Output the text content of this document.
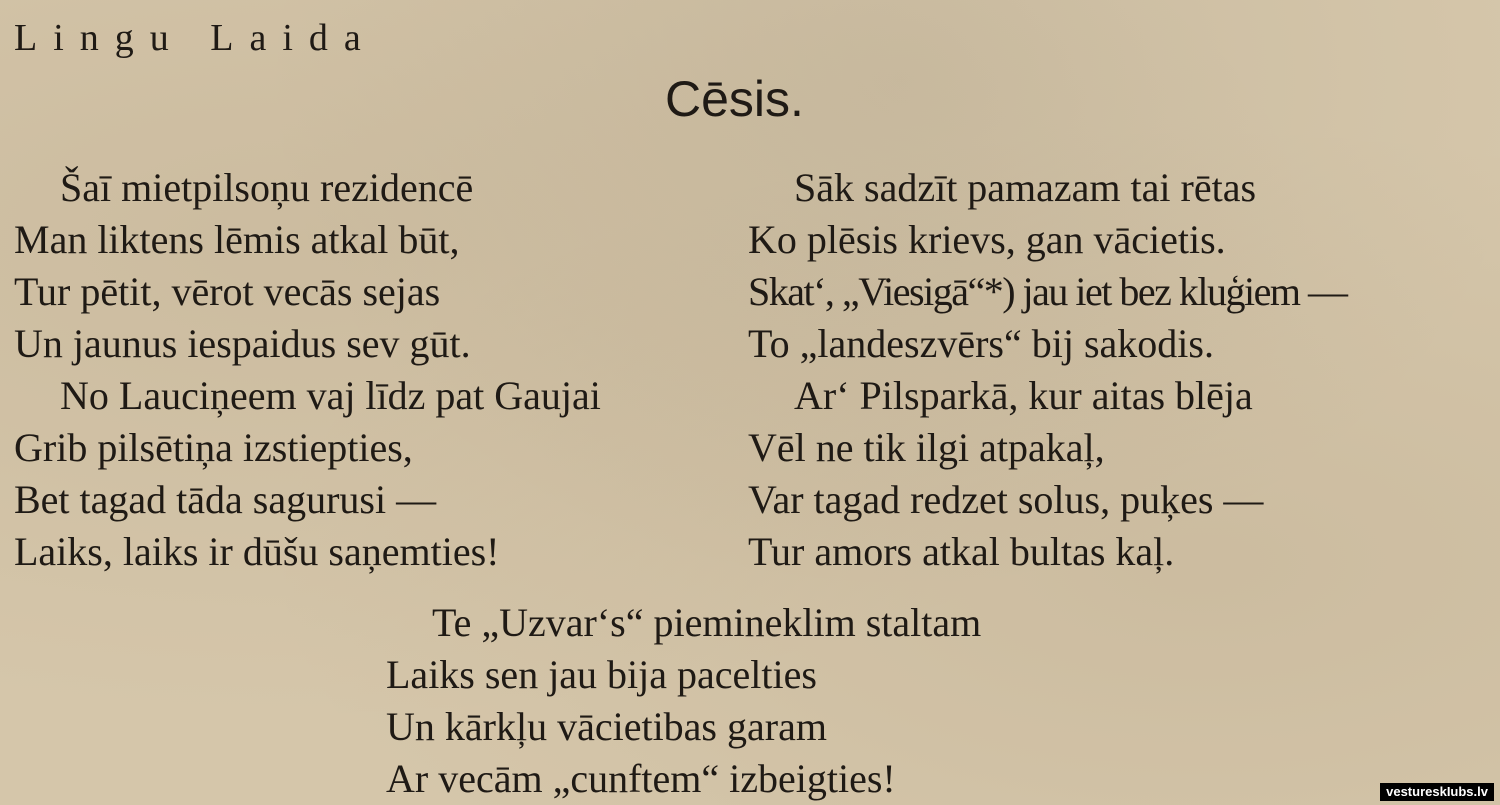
Lingu Laida
Cēsis.
Šaī mietpilsoņu rezidencē
Man liktens lēmis atkal būt,
Tur pētit, vērot vecās sejas
Un jaunus iespaidus sev gūt.
No Lauciņeem vaj līdz pat Gaujai
Grib pilsētiņa izstiepties,
Bet tagad tāda sagurusi —
Laiks, laiks ir dūšu saņemties!
Sāk sadzīt pamazam tai rētas
Ko plēsis krievs, gan vācietis.
Skat‘, „Viesigā“*) jau iet bez kluģiem —
To „landeszvērs“ bij sakodis.
Ar‘ Pilsparkā, kur aitas blēja
Vēl ne tik ilgi atpakaļ,
Var tagad redzet solus, puķes —
Tur amors atkal bultas kaļ.
Te „Uzvar‘s“ piemineklim staltam
Laiks sen jau bija pacelties
Un kārkļu vācietibas garam
Ar vecām „cunftem“ izbeigties!	vestureskIubs.lv
